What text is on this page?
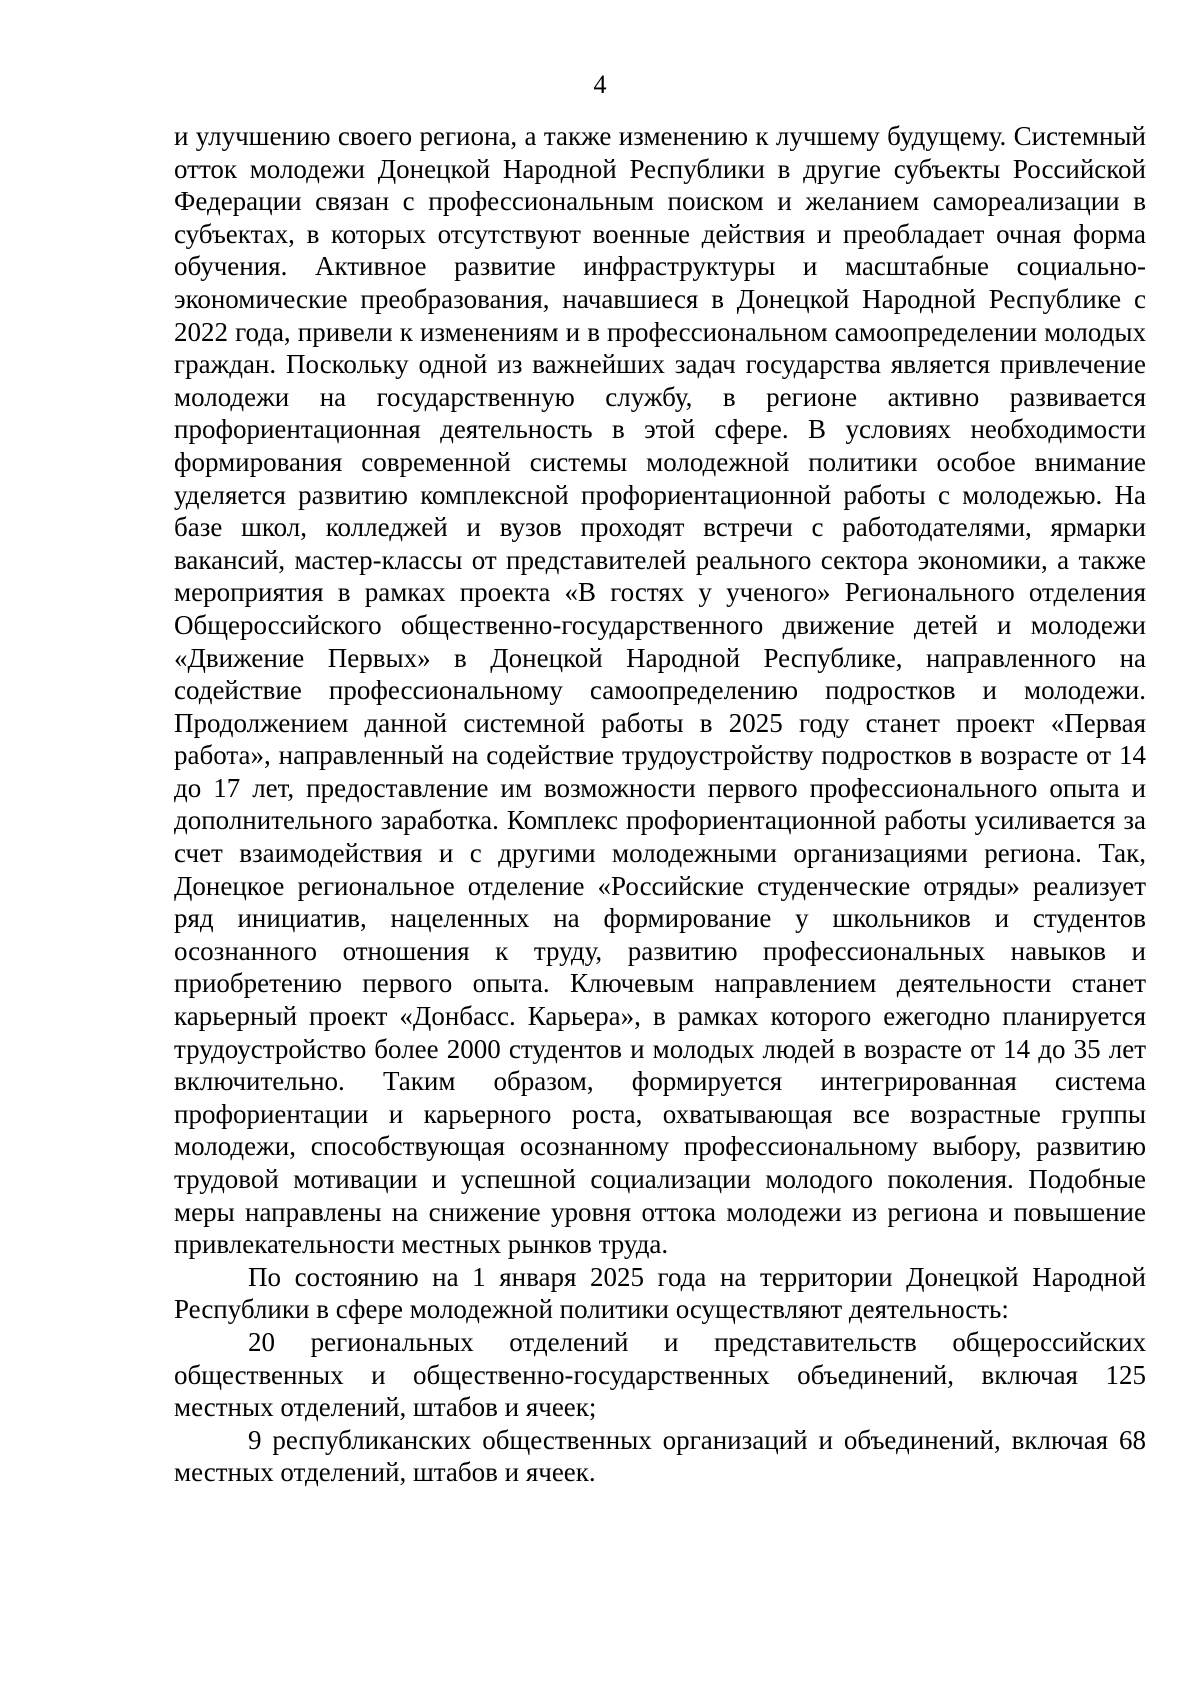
4

и улучшению своего региона, а также изменению к лучшему будущему. Системный отток молодежи Донецкой Народной Республики в другие субъекты Российской Федерации связан с профессиональным поиском и желанием самореализации в субъектах, в которых отсутствуют военные действия и преобладает очная форма обучения. Активное развитие инфраструктуры и масштабные социально-экономические преобразования, начавшиеся в Донецкой Народной Республике с 2022 года, привели к изменениям и в профессиональном самоопределении молодых граждан. Поскольку одной из важнейших задач государства является привлечение молодежи на государственную службу, в регионе активно развивается профориентационная деятельность в этой сфере. В условиях необходимости формирования современной системы молодежной политики особое внимание уделяется развитию комплексной профориентационной работы с молодежью. На базе школ, колледжей и вузов проходят встречи с работодателями, ярмарки вакансий, мастер-классы от представителей реального сектора экономики, а также мероприятия в рамках проекта «В гостях у ученого» Регионального отделения Общероссийского общественно-государственного движение детей и молодежи «Движение Первых» в Донецкой Народной Республике, направленного на содействие профессиональному самоопределению подростков и молодежи. Продолжением данной системной работы в 2025 году станет проект «Первая работа», направленный на содействие трудоустройству подростков в возрасте от 14 до 17 лет, предоставление им возможности первого профессионального опыта и дополнительного заработка. Комплекс профориентационной работы усиливается за счет взаимодействия и с другими молодежными организациями региона. Так, Донецкое региональное отделение «Российские студенческие отряды» реализует ряд инициатив, нацеленных на формирование у школьников и студентов осознанного отношения к труду, развитию профессиональных навыков и приобретению первого опыта. Ключевым направлением деятельности станет карьерный проект «Донбасс. Карьера», в рамках которого ежегодно планируется трудоустройство более 2000 студентов и молодых людей в возрасте от 14 до 35 лет включительно. Таким образом, формируется интегрированная система профориентации и карьерного роста, охватывающая все возрастные группы молодежи, способствующая осознанному профессиональному выбору, развитию трудовой мотивации и успешной социализации молодого поколения. Подобные меры направлены на снижение уровня оттока молодежи из региона и повышение привлекательности местных рынков труда.

По состоянию на 1 января 2025 года на территории Донецкой Народной Республики в сфере молодежной политики осуществляют деятельность:

20 региональных отделений и представительств общероссийских общественных и общественно-государственных объединений, включая 125 местных отделений, штабов и ячеек;

9 республиканских общественных организаций и объединений, включая 68 местных отделений, штабов и ячеек.
